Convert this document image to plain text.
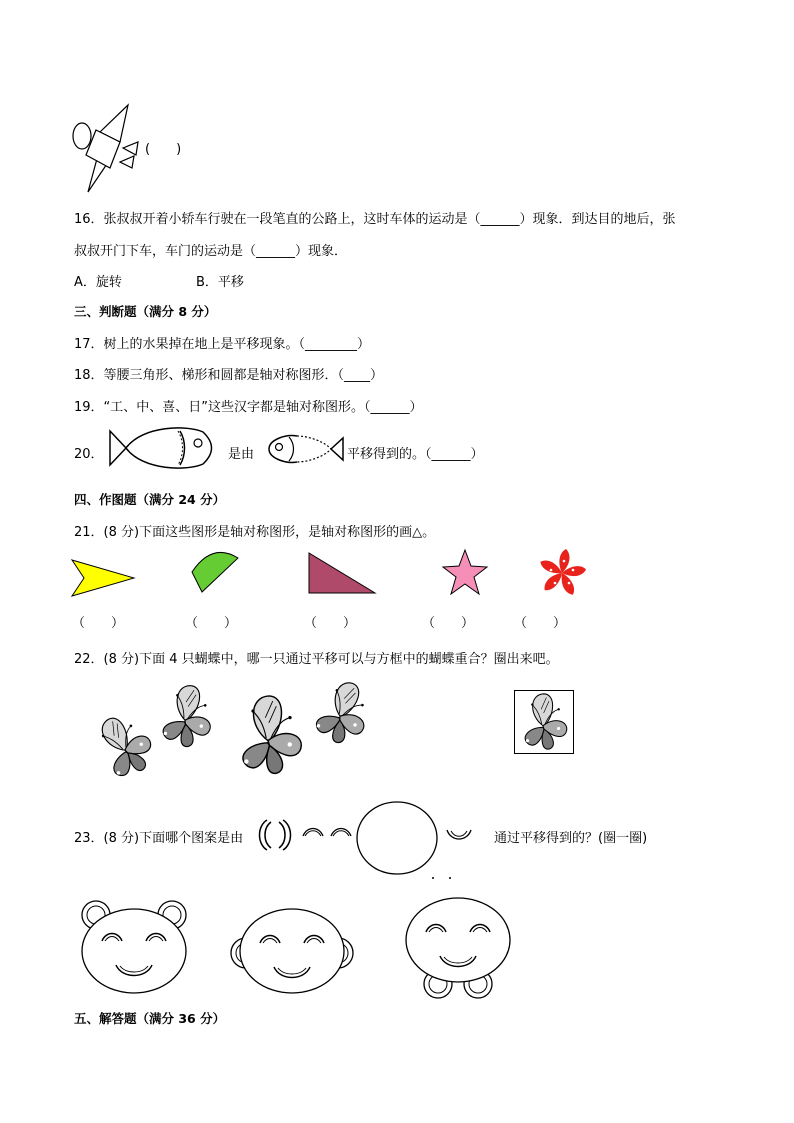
(　　)
16．张叔叔开着小轿车行驶在一段笔直的公路上，这时车体的运动是（______）现象．到达目的地后，张
叔叔开门下车，车门的运动是（______）现象．
A．旋转	B．平移
三、判断题（满分 8 分）
17．树上的水果掉在地上是平移现象。（________）
18．等腰三角形、梯形和圆都是轴对称图形．（____）
19．“工、中、喜、日”这些汉字都是轴对称图形。（______）
20．	是由	平移得到的。（______）
四、作图题（满分 24 分）
21．(8 分)下面这些图形是轴对称图形，是轴对称图形的画△。
（　　）	（　　）	（　　）	（　　）	（　　）
22．(8 分)下面 4 只蝴蝶中，哪一只通过平移可以与方框中的蝴蝶重合？圈出来吧。
23．(8 分)下面哪个图案是由	通过平移得到的？(圈一圈)
五、解答题（满分 36 分）
